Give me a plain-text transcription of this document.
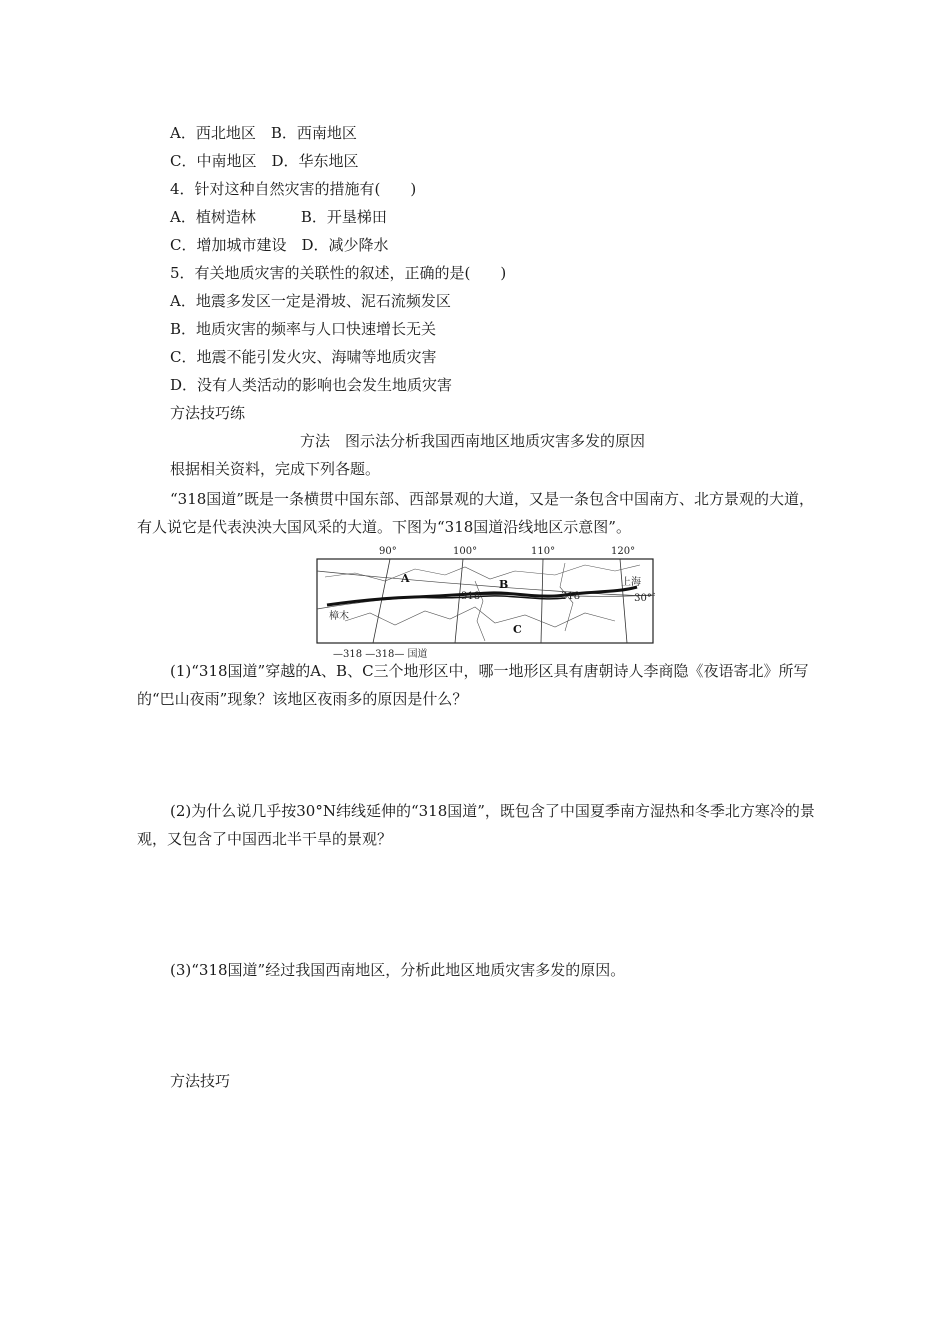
A．西北地区　B．西南地区
C．中南地区　D．华东地区
4．针对这种自然灾害的措施有(　　)
A．植树造林　　　B．开垦梯田
C．增加城市建设　D．减少降水
5．有关地质灾害的关联性的叙述，正确的是(　　)
A．地震多发区一定是滑坡、泥石流频发区
B．地质灾害的频率与人口快速增长无关
C．地震不能引发火灾、海啸等地质灾害
D．没有人类活动的影响也会发生地质灾害
方法技巧练
方法　图示法分析我国西南地区地质灾害多发的原因
根据相关资料，完成下列各题。
“318国道”既是一条横贯中国东部、西部景观的大道，又是一条包含中国南方、北方景观的大道，有人说它是代表泱泱大国风采的大道。下图为“318国道沿线地区示意图”。
90°	100°	110°	120°
30°
A	B
C
樟木
上海
318	318
—318 —318— 国道
(1)“318国道”穿越的A、B、C三个地形区中，哪一地形区具有唐朝诗人李商隐《夜语寄北》所写的“巴山夜雨”现象？该地区夜雨多的原因是什么？
(2)为什么说几乎按30°N纬线延伸的“318国道”，既包含了中国夏季南方湿热和冬季北方寒冷的景观，又包含了中国西北半干旱的景观？
(3)“318国道”经过我国西南地区，分析此地区地质灾害多发的原因。
方法技巧
